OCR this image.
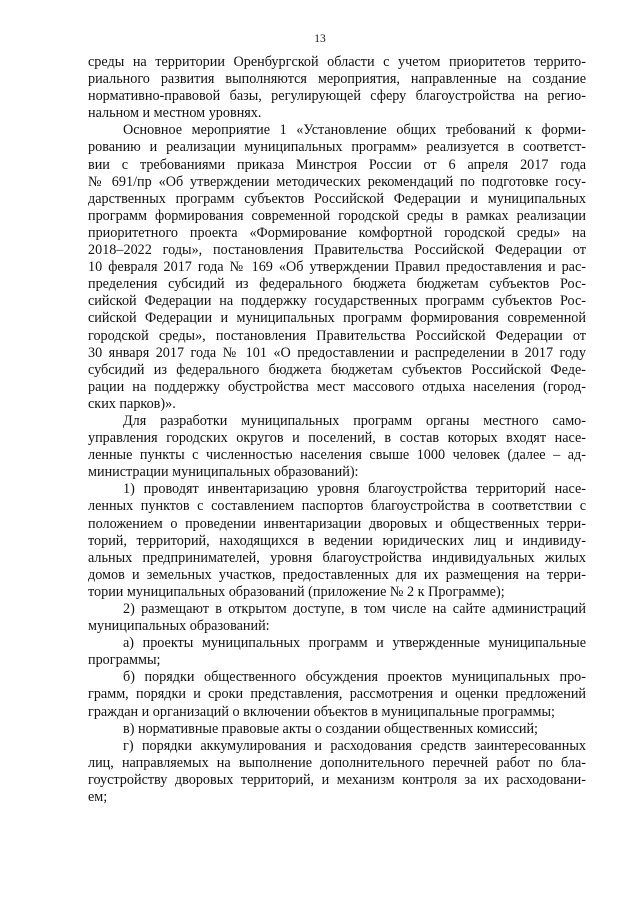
13

среды на территории Оренбургской области с учетом приоритетов террито-
риального развития выполняются мероприятия, направленные на создание
нормативно-правовой базы, регулирующей сферу благоустройства на регио-
нальном и местном уровнях.

Основное мероприятие 1 «Установление общих требований к форми-
рованию и реализации муниципальных программ» реализуется в соответст-
вии с требованиями приказа Минстроя России от 6 апреля 2017 года
№ 691/пр «Об утверждении методических рекомендаций по подготовке госу-
дарственных программ субъектов Российской Федерации и муниципальных
программ формирования современной городской среды в рамках реализации
приоритетного проекта «Формирование комфортной городской среды» на
2018–2022 годы», постановления Правительства Российской Федерации от
10 февраля 2017 года № 169 «Об утверждении Правил предоставления и рас-
пределения субсидий из федерального бюджета бюджетам субъектов Рос-
сийской Федерации на поддержку государственных программ субъектов Рос-
сийской Федерации и муниципальных программ формирования современной
городской среды», постановления Правительства Российской Федерации от
30 января 2017 года № 101 «О предоставлении и распределении в 2017 году
субсидий из федерального бюджета бюджетам субъектов Российской Феде-
рации на поддержку обустройства мест массового отдыха населения (город-
ских парков)».

Для разработки муниципальных программ органы местного само-
управления городских округов и поселений, в состав которых входят насе-
ленные пункты с численностью населения свыше 1000 человек (далее – ад-
министрации муниципальных образований):

1) проводят инвентаризацию уровня благоустройства территорий насе-
ленных пунктов с составлением паспортов благоустройства в соответствии с
положением о проведении инвентаризации дворовых и общественных терри-
торий, территорий, находящихся в ведении юридических лиц и индивиду-
альных предпринимателей, уровня благоустройства индивидуальных жилых
домов и земельных участков, предоставленных для их размещения на терри-
тории муниципальных образований (приложение № 2 к Программе);

2) размещают в открытом доступе, в том числе на сайте администраций
муниципальных образований:

а) проекты муниципальных программ и утвержденные муниципальные
программы;

б) порядки общественного обсуждения проектов муниципальных про-
грамм, порядки и сроки представления, рассмотрения и оценки предложений
граждан и организаций о включении объектов в муниципальные программы;

в) нормативные правовые акты о создании общественных комиссий;

г) порядки аккумулирования и расходования средств заинтересованных
лиц, направляемых на выполнение дополнительного перечней работ по бла-
гоустройству дворовых территорий, и механизм контроля за их расходовани-
ем;
